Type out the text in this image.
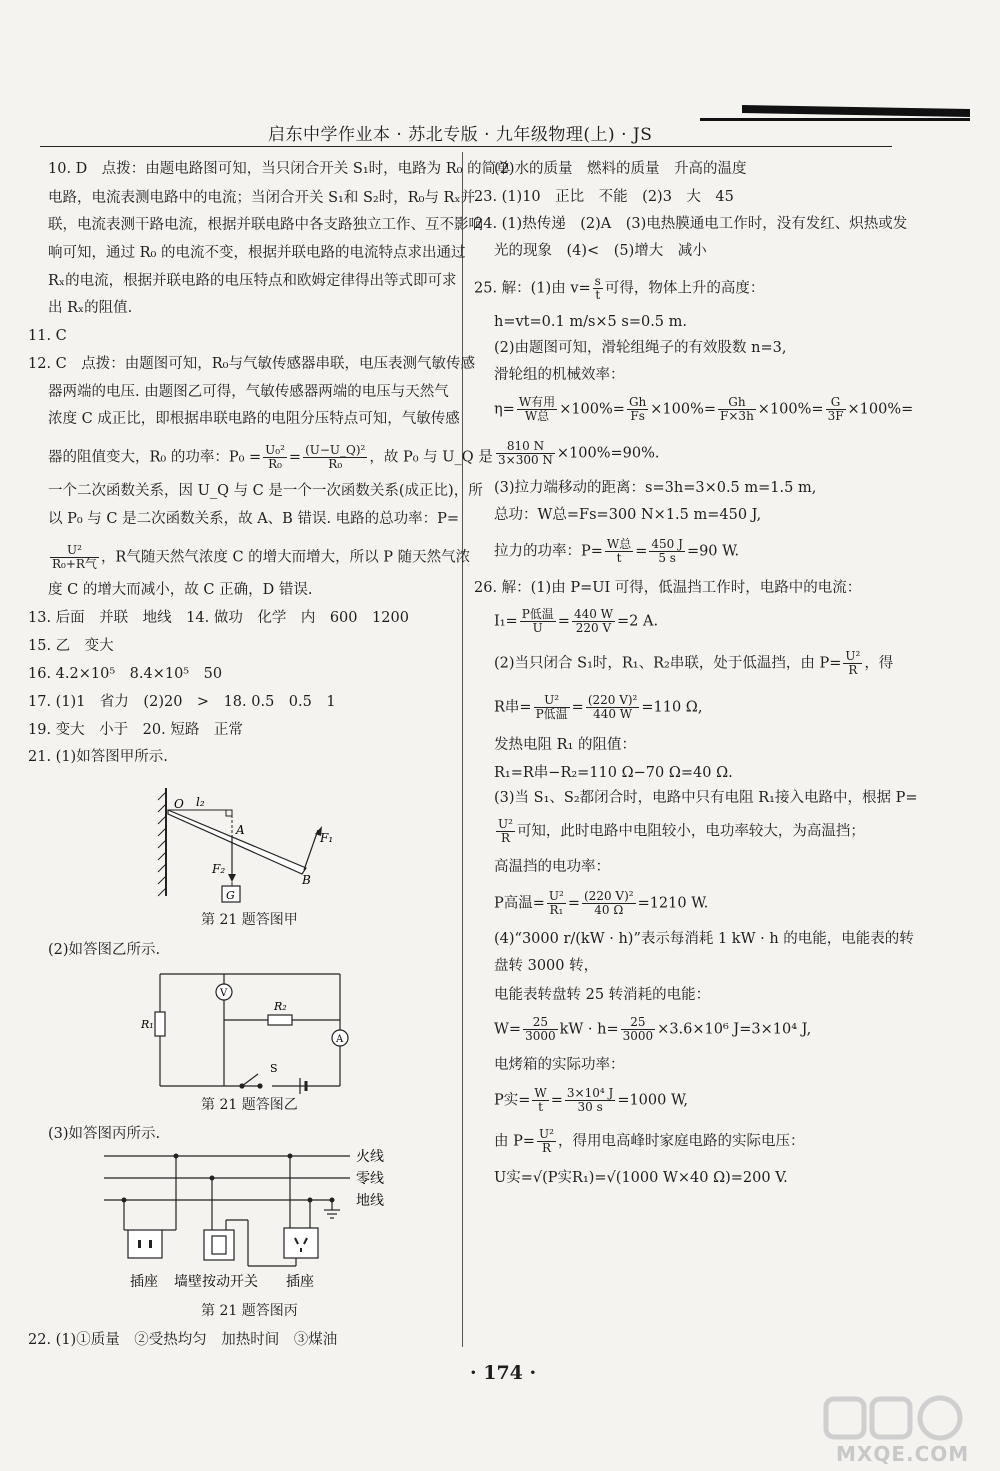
启东中学作业本 · 苏北专版 · 九年级物理(上) · JS
10. D　点拨：由题电路图可知，当只闭合开关 S₁时，电路为 R₀ 的简单
电路，电流表测电路中的电流；当闭合开关 S₁和 S₂时，R₀与 Rₓ并
联，电流表测干路电流，根据并联电路中各支路独立工作、互不影响
响可知，通过 R₀ 的电流不变，根据并联电路的电流特点求出通过
Rₓ的电流，根据并联电路的电压特点和欧姆定律得出等式即可求
出 Rₓ的阻值.
11. C
12. C　点拨：由题图可知，R₀与气敏传感器串联，电压表测气敏传感
器两端的电压. 由题图乙可得，气敏传感器两端的电压与天然气
浓度 C 成正比，即根据串联电路的电阻分压特点可知，气敏传感
器的阻值变大，R₀ 的功率：$P_0 = \frac{\text{U₀²}}{\text{R₀}} = \frac{\text{(U−U\_Q)²}}{\text{R₀}}$ ，故 P₀ 与 U_Q 是
一个二次函数关系，因 U_Q 与 C 是一个一次函数关系(成正比)，所
以 P₀ 与 C 是二次函数关系，故 A、B 错误. 电路的总功率：P=
$\frac{\text{U²}}{\text{R₀+R气}}$ ，R气随天然气浓度 C 的增大而增大，所以 P 随天然气浓
度 C 的增大而减小，故 C 正确，D 错误.
13. 后面　并联　地线　14. 做功　化学　内　600　1200
15. 乙　变大
16. 4.2×10⁵　8.4×10⁵　50
17. (1)1　省力　(2)20　>　18. 0.5　0.5　1
19. 变大　小于　20. 短路　正常
21. (1)如答图甲所示.
O l₂
A
B
F₁
F₂
G
第 21 题答图甲
(2)如答图乙所示.
V
A
R₁
R₂
S
第 21 题答图乙
(3)如答图丙所示.
火线
零线
地线
插座 墙壁按动开关 插座
第 21 题答图丙
22. (1)①质量　②受热均匀　加热时间　③煤油
(2)水的质量　燃料的质量　升高的温度
23. (1)10　正比　不能　(2)3　大　45
24. (1)热传递　(2)A　(3)电热膜通电工作时，没有发红、炽热或发
光的现象　(4)<　(5)增大　减小
25. 解：(1)由 $v= \frac{s}{t}$ 可得，物体上升的高度：
h=vt=0.1 m/s×5 s=0.5 m.
(2)由题图可知，滑轮组绳子的有效股数 n=3,
滑轮组的机械效率：
$\eta= \frac{\text{W有用}}{\text{W总}} \times 100\%= \frac{Gh}{Fs} \times 100\%= \frac{Gh}{F\times 3h} \times 100\%= \frac{G}{3F} \times 100\%=$
$\frac{810 N}{3\times 300 N} \times 100\%=90\%$.
(3)拉力端移动的距离：s=3h=3×0.5 m=1.5 m,
总功：W总=Fs=300 N×1.5 m=450 J,
拉力的功率：$P= \frac{\text{W总}}{t} = \frac{450 J}{5 s} =90$ W.
26. 解：(1)由 P=UI 可得，低温挡工作时，电路中的电流：
$I_1= \frac{\text{P低温}}{U} = \frac{440 W}{220 V} =2$ A.
(2)当只闭合 S₁时，R₁、R₂串联，处于低温挡，由 $P= \frac{\text{U²}}{R}$ ，得
R串= $\frac{\text{U²}}{\text{P低温}} = \frac{\text{(220 V)²}}{440 W} =110$ Ω,
发热电阻 R₁ 的阻值：
R₁=R串−R₂=110 Ω−70 Ω=40 Ω.
(3)当 S₁、S₂都闭合时，电路中只有电阻 R₁接入电路中，根据 P=
$\frac{\text{U²}}{R}$ 可知，此时电路中电阻较小，电功率较大，为高温挡；
高温挡的电功率：
P高温= $\frac{\text{U²}}{\text{R₁}} = \frac{\text{(220 V)²}}{40 \Omega} =1210$ W.
(4)“3000 r/(kW · h)”表示每消耗 1 kW · h 的电能，电能表的转
盘转 3000 转，
电能表转盘转 25 转消耗的电能：
$W= \frac{25}{3000}$ kW · $h= \frac{25}{3000} \times 3.6\times 10^6$ J=3×10⁴ J,
电烤箱的实际功率：
P实= $\frac{W}{t} = \frac{\text{3×10⁴ J}}{30 s} =1000$ W,
由 $P= \frac{\text{U²}}{R}$ ，得用电高峰时家庭电路的实际电压：
U实=√(P实R₁)=√(1000 W×40 Ω)=200 V.
· 174 ·
MXQE.COM
